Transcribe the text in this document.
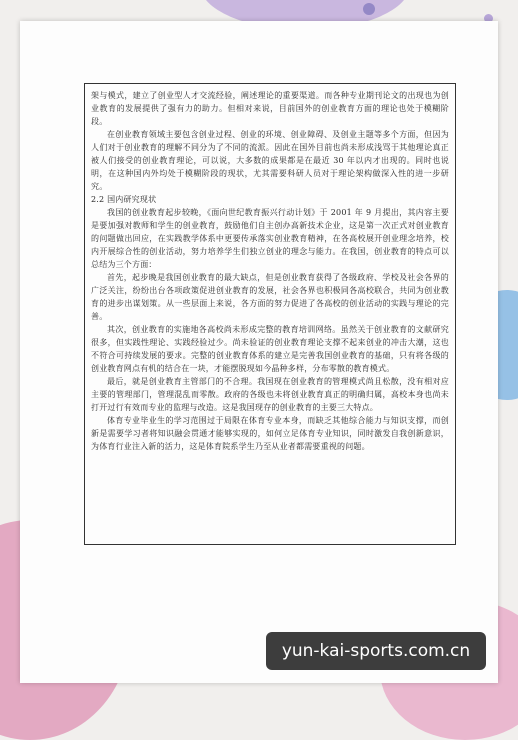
架与模式，建立了创业型人才交流经验，阐述理论的重要渠道。而各种专业期刊论文的出现也为创业教育的发展提供了强有力的助力。但相对来说，目前国外的创业教育方面的理论也处于模糊阶段。

在创业教育领域主要包含创业过程、创业的环境、创业障碍、及创业主题等多个方面，但因为人们对于创业教育的理解不同分为了不同的流派。因此在国外目前也尚未形成浅骂于其他理论真正被人们接受的创业教育理论，可以说，大多数的成果都是在最近 30 年以内才出现的。同时也说明，在这种国内外均处于模糊阶段的现状，尤其需要科研人员对于理论架构做深入性的进一步研究。

2.2 国内研究现状

我国的创业教育起步较晚，《面向世纪教育振兴行动计划》于 2001 年 9 月提出，其内容主要是要加强对教师和学生的创业教育，鼓励他们自主创办高新技术企业，这是第一次正式对创业教育的问题做出回应，在实践教学体系中更要传承落实创业教育精神，在各高校展开创业理念培养，校内开展综合性的创业活动，努力培养学生们独立创业的理念与能力。在我国，创业教育的特点可以总结为三个方面：

首先，起步晚是我国创业教育的最大缺点，但是创业教育获得了各级政府、学校及社会各界的广泛关注，纷纷出台各项政策促进创业教育的发展，社会各界也积极同各高校联合，共同为创业教育的进步出谋划策。从一些层面上来说，各方面的努力促进了各高校的创业活动的实践与理论的完善。

其次，创业教育的实施地各高校尚未形成完整的教育培训网络。虽然关于创业教育的文献研究很多，但实践性理论、实践经验过少。尚未验证的创业教育理论支撑不起来创业的冲击大潮，这也不符合可持续发展的要求。完整的创业教育体系的建立是完善我国创业教育的基础，只有将各级的创业教育网点有机的结合在一块，才能摆脱现如今晶种多样，分布零散的教育模式。

最后，就是创业教育主管部门的不合理。我国现在创业教育的管理模式尚且松散，没有相对应主要的管理部门，管理混乱而零散。政府的各级也未将创业教育真正的明确归属，高校本身也尚未打开过行有效而专业的监理与改造。这是我国现存的创业教育的主要三大特点。

体育专业毕业生的学习范围过于局限在体育专业本身，而缺乏其他综合能力与知识支撑，而创新是需要学习者将知识融会贯通才能够实现的，如何立足体育专业知识，同时激发自我创新意识，为体育行业注入新的活力，这是体育院系学生乃至从业者都需要重视的问题。

yun-kai-sports.com.cn
